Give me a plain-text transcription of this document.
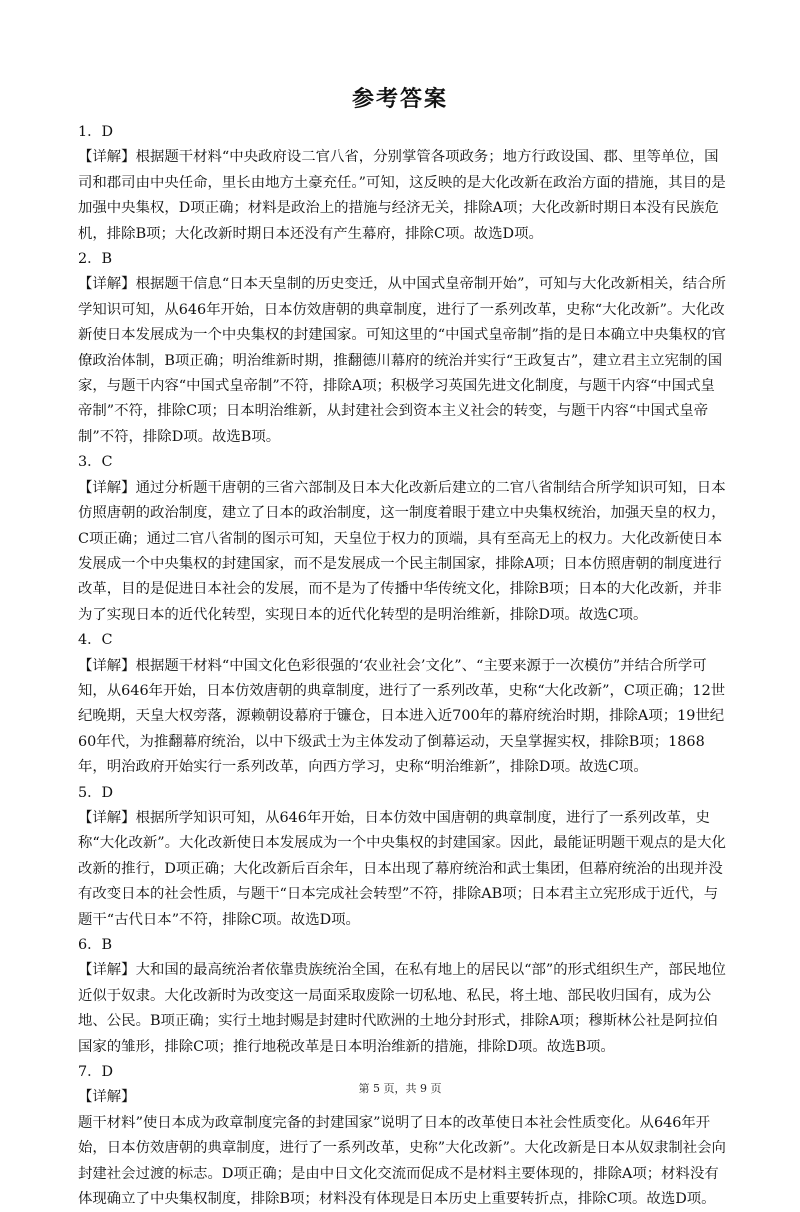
参考答案
1．D

【详解】根据题干材料“中央政府设二官八省，分别掌管各项政务；地方行政设国、郡、里等单位，国司和郡司由中央任命，里长由地方土豪充任。”可知，这反映的是大化改新在政治方面的措施，其目的是加强中央集权，D项正确；材料是政治上的措施与经济无关，排除A项；大化改新时期日本没有民族危机，排除B项；大化改新时期日本还没有产生幕府，排除C项。故选D项。

2．B

【详解】根据题干信息“日本天皇制的历史变迁，从中国式皇帝制开始”，可知与大化改新相关，结合所学知识可知，从646年开始，日本仿效唐朝的典章制度，进行了一系列改革，史称“大化改新”。大化改新使日本发展成为一个中央集权的封建国家。可知这里的“中国式皇帝制”指的是日本确立中央集权的官僚政治体制，B项正确；明治维新时期，推翻德川幕府的统治并实行“王政复古”，建立君主立宪制的国家，与题干内容“中国式皇帝制”不符，排除A项；积极学习英国先进文化制度，与题干内容“中国式皇帝制”不符，排除C项；日本明治维新，从封建社会到资本主义社会的转变，与题干内容“中国式皇帝制”不符，排除D项。故选B项。

3．C

【详解】通过分析题干唐朝的三省六部制及日本大化改新后建立的二官八省制结合所学知识可知，日本仿照唐朝的政治制度，建立了日本的政治制度，这一制度着眼于建立中央集权统治，加强天皇的权力，C项正确；通过二官八省制的图示可知，天皇位于权力的顶端，具有至高无上的权力。大化改新使日本发展成一个中央集权的封建国家，而不是发展成一个民主制国家，排除A项；日本仿照唐朝的制度进行改革，目的是促进日本社会的发展，而不是为了传播中华传统文化，排除B项；日本的大化改新，并非为了实现日本的近代化转型，实现日本的近代化转型的是明治维新，排除D项。故选C项。

4．C

【详解】根据题干材料“中国文化色彩很强的‘农业社会’文化”、“主要来源于一次模仿”并结合所学可知，从646年开始，日本仿效唐朝的典章制度，进行了一系列改革，史称“大化改新”，C项正确；12世纪晚期，天皇大权旁落，源赖朝设幕府于镰仓，日本进入近700年的幕府统治时期，排除A项；19世纪60年代，为推翻幕府统治，以中下级武士为主体发动了倒幕运动，天皇掌握实权，排除B项；1868年，明治政府开始实行一系列改革，向西方学习，史称“明治维新”，排除D项。故选C项。

5．D

【详解】根据所学知识可知，从646年开始，日本仿效中国唐朝的典章制度，进行了一系列改革，史称“大化改新”。大化改新使日本发展成为一个中央集权的封建国家。因此，最能证明题干观点的是大化改新的推行，D项正确；大化改新后百余年，日本出现了幕府统治和武士集团，但幕府统治的出现并没有改变日本的社会性质，与题干“日本完成社会转型”不符，排除AB项；日本君主立宪形成于近代，与题干“古代日本”不符，排除C项。故选D项。

6．B

【详解】大和国的最高统治者依靠贵族统治全国，在私有地上的居民以“部”的形式组织生产，部民地位近似于奴隶。大化改新时为改变这一局面采取废除一切私地、私民，将土地、部民收归国有，成为公地、公民。B项正确；实行土地封赐是封建时代欧洲的土地分封形式，排除A项；穆斯林公社是阿拉伯国家的雏形，排除C项；推行地税改革是日本明治维新的措施，排除D项。故选B项。

7．D

【详解】

题干材料”使日本成为政章制度完备的封建国家”说明了日本的改革使日本社会性质变化。从646年开始，日本仿效唐朝的典章制度，进行了一系列改革，史称”大化改新”。大化改新是日本从奴隶制社会向封建社会过渡的标志。D项正确；是由中日文化交流而促成不是材料主要体现的，排除A项；材料没有体现确立了中央集权制度，排除B项；材料没有体现是日本历史上重要转折点，排除C项。故选D项。

第 5 页，共 9 页
